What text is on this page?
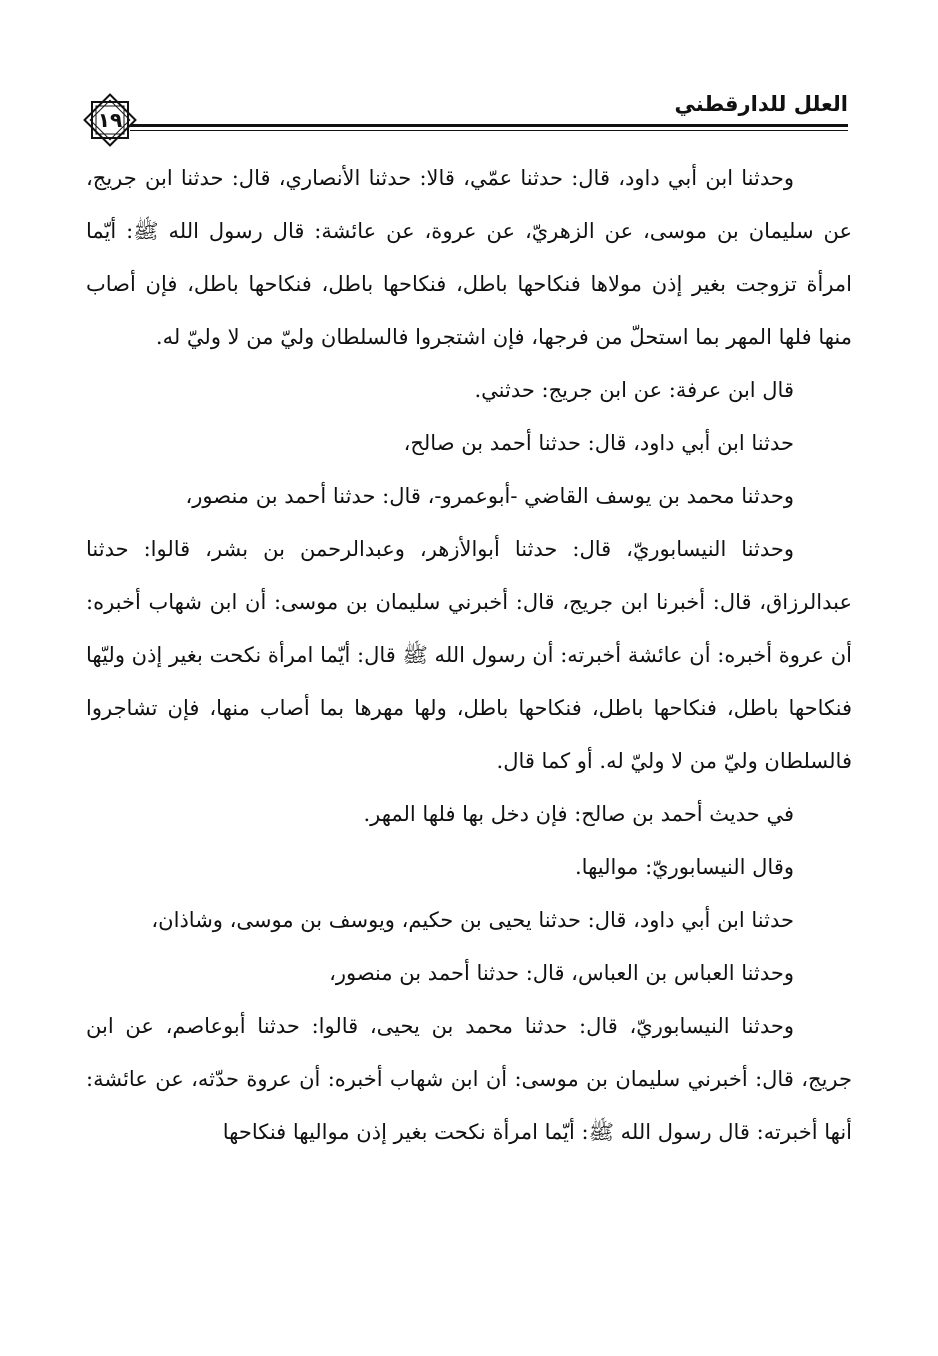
العلل للدارقطني
١٩

وحدثنا ابن أبي داود، قال: حدثنا عمّي، قالا: حدثنا الأنصاري، قال: حدثنا ابن جريج، عن سليمان بن موسى، عن الزهريّ، عن عروة، عن عائشة: قال رسول الله ﷺ: أيّما امرأة تزوجت بغير إذن مولاها فنكاحها باطل، فنكاحها باطل، فنكاحها باطل، فإن أصاب منها فلها المهر بما استحلّ من فرجها، فإن اشتجروا فالسلطان وليّ من لا وليّ له.

قال ابن عرفة: عن ابن جريج: حدثني.

حدثنا ابن أبي داود، قال: حدثنا أحمد بن صالح،

وحدثنا محمد بن يوسف القاضي -أبوعمرو-، قال: حدثنا أحمد بن منصور،

وحدثنا النيسابوريّ، قال: حدثنا أبوالأزهر، وعبدالرحمن بن بشر، قالوا: حدثنا عبدالرزاق، قال: أخبرنا ابن جريج، قال: أخبرني سليمان بن موسى: أن ابن شهاب أخبره: أن عروة أخبره: أن عائشة أخبرته: أن رسول الله ﷺ قال: أيّما امرأة نكحت بغير إذن وليّها فنكاحها باطل، فنكاحها باطل، فنكاحها باطل، ولها مهرها بما أصاب منها، فإن تشاجروا فالسلطان وليّ من لا وليّ له. أو كما قال.

في حديث أحمد بن صالح: فإن دخل بها فلها المهر.

وقال النيسابوريّ: مواليها.

حدثنا ابن أبي داود، قال: حدثنا يحيى بن حكيم، ويوسف بن موسى، وشاذان،

وحدثنا العباس بن العباس، قال: حدثنا أحمد بن منصور،

وحدثنا النيسابوريّ، قال: حدثنا محمد بن يحيى، قالوا: حدثنا أبوعاصم، عن ابن جريج، قال: أخبرني سليمان بن موسى: أن ابن شهاب أخبره: أن عروة حدّثه، عن عائشة: أنها أخبرته: قال رسول الله ﷺ: أيّما امرأة نكحت بغير إذن مواليها فنكاحها
